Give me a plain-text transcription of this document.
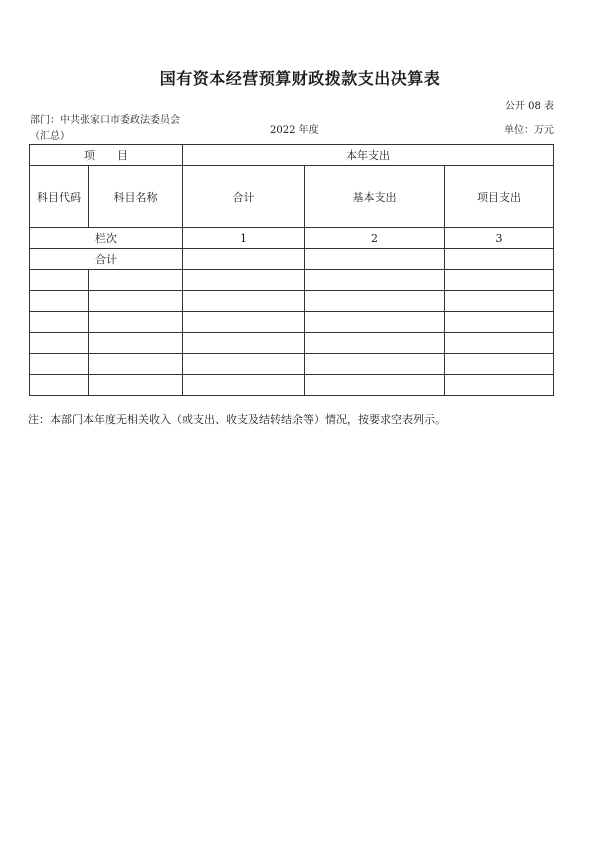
国有资本经营预算财政拨款支出决算表
公开 08 表
部门：中共张家口市委政法委员会
（汇总）
2022 年度	单位：万元
项　　目		本年支出		
科目代码	科目名称	合计	基本支出	项目支出
栏次		1	2	3
合计				

注：本部门本年度无相关收入（或支出、收支及结转结余等）情况，按要求空表列示。
